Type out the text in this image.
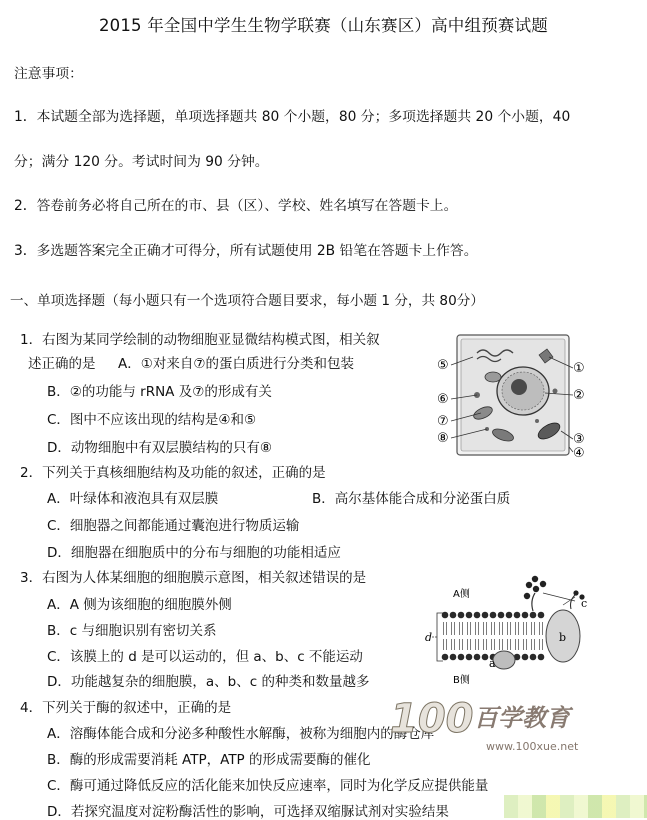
2015 年全国中学生生物学联赛（山东赛区）高中组预赛试题
注意事项：
1．本试题全部为选择题，单项选择题共 80 个小题，80 分；多项选择题共 20 个小题，40
分；满分 120 分。考试时间为 90 分钟。
2．答卷前务必将自己所在的市、县（区）、学校、姓名填写在答题卡上。
3．多选题答案完全正确才可得分，所有试题使用 2B 铅笔在答题卡上作答。
一、单项选择题（每小题只有一个选项符合题目要求，每小题 1 分，共 80分）
1．右图为某同学绘制的动物细胞亚显微结构模式图，相关叙
述正确的是 A．①对来自⑦的蛋白质进行分类和包装
B．②的功能与 rRNA 及⑦的形成有关
C．图中不应该出现的结构是④和⑤
D．动物细胞中有双层膜结构的只有⑧
2．下列关于真核细胞结构及功能的叙述，正确的是
A．叶绿体和液泡具有双层膜	B．高尔基体能合成和分泌蛋白质
C．细胞器之间都能通过囊泡进行物质运输
D．细胞器在细胞质中的分布与细胞的功能相适应
3．右图为人体某细胞的细胞膜示意图，相关叙述错误的是
A．A 侧为该细胞的细胞膜外侧
B．c 与细胞识别有密切关系
C．该膜上的 d 是可以运动的，但 a、b、c 不能运动
D．功能越复杂的细胞膜，a、b、c 的种类和数量越多
4．下列关于酶的叙述中，正确的是
A．溶酶体能合成和分泌多种酸性水解酶，被称为细胞内的酶仓库
B．酶的形成需要消耗 ATP，ATP 的形成需要酶的催化
C．酶可通过降低反应的活化能来加快反应速率，同时为化学反应提供能量
D．若探究温度对淀粉酶活性的影响，可选择双缩脲试剂对实验结果
⑤
⑥
⑦
⑧
①
②
③
④
A侧
B侧
d
a
b
c
100 百学教育
www.100xue.net
